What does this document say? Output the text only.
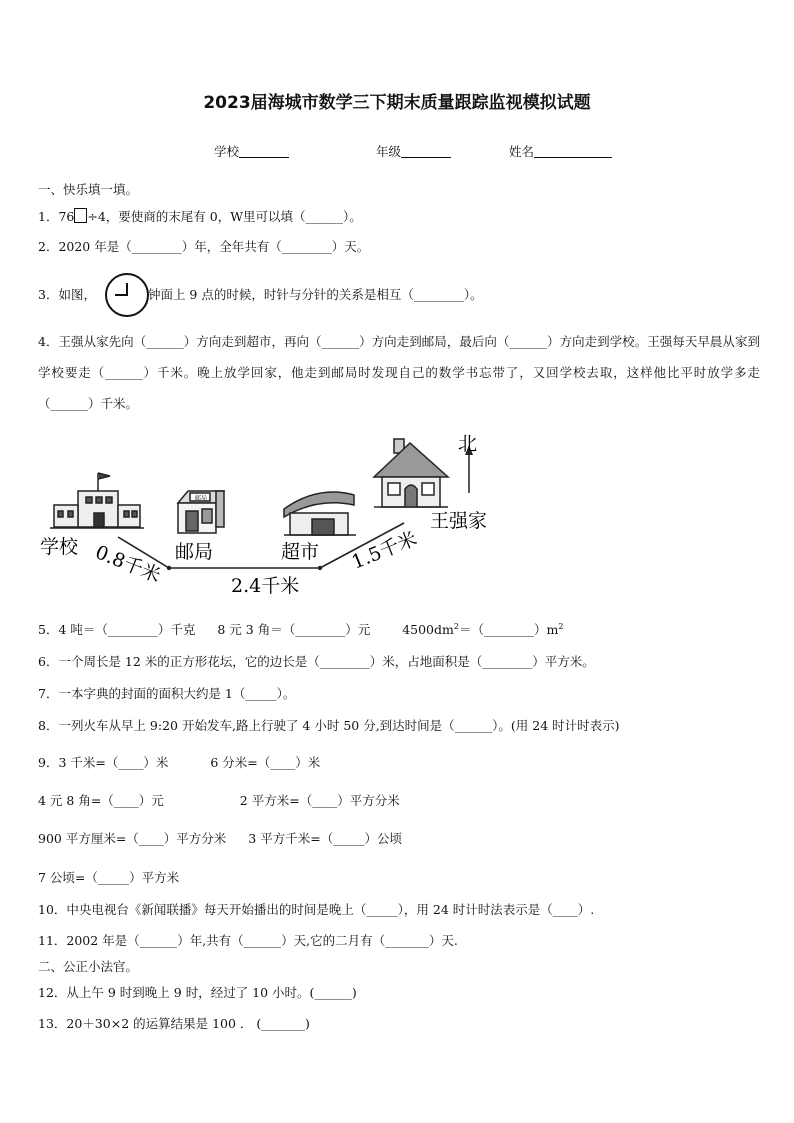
2023届海城市数学三下期末质量跟踪监视模拟试题
学校	年级	姓名
一、快乐填一填。
1．76 ÷4，要使商的末尾有 0，W里可以填（______）。
2．2020 年是（________）年，全年共有（________）天。
3．如图，	钟面上 9 点的时候，时针与分针的关系是相互（________）。
4．王强从家先向（______）方向走到超市，再向（______）方向走到邮局，最后向（______）方向走到学校。王强每天早晨从家到学校要走（______）千米。晚上放学回家，他走到邮局时发现自己的数学书忘带了，又回学校去取，这样他比平时放学多走（______）千米。
邮局
北
学校	邮局	超市
王强家
0.8千米	2.4千米
1.5千米
5．4 吨＝（________）千克 8 元 3 角＝（________）元	$4500dm^2=(\_\_\_\_\_\_\_\_)m^2$
6．一个周长是 12 米的正方形花坛，它的边长是（________）米，占地面积是（________）平方米。
7．一本字典的封面的面积大约是 1（_____）。
8．一列火车从早上 9:20 开始发车,路上行驶了 4 小时 50 分,到达时间是（______）。(用 24 时计时表示)
9．3 千米=（____）米	6 分米=（____）米
4 元 8 角=（____）元	2 平方米=（____）平方分米
900 平方厘米=（____）平方分米 3 平方千米=（_____）公顷
7 公顷=（_____）平方米
10．中央电视台《新闻联播》每天开始播出的时间是晚上（_____），用 24 时计时法表示是（____）.
11．2002 年是（______）年,共有（______）天,它的二月有（_______）天.
二、公正小法官。
12．从上午 9 时到晚上 9 时，经过了 10 小时。(______)
13．20＋30×2 的运算结果是 100 ． (_______)
